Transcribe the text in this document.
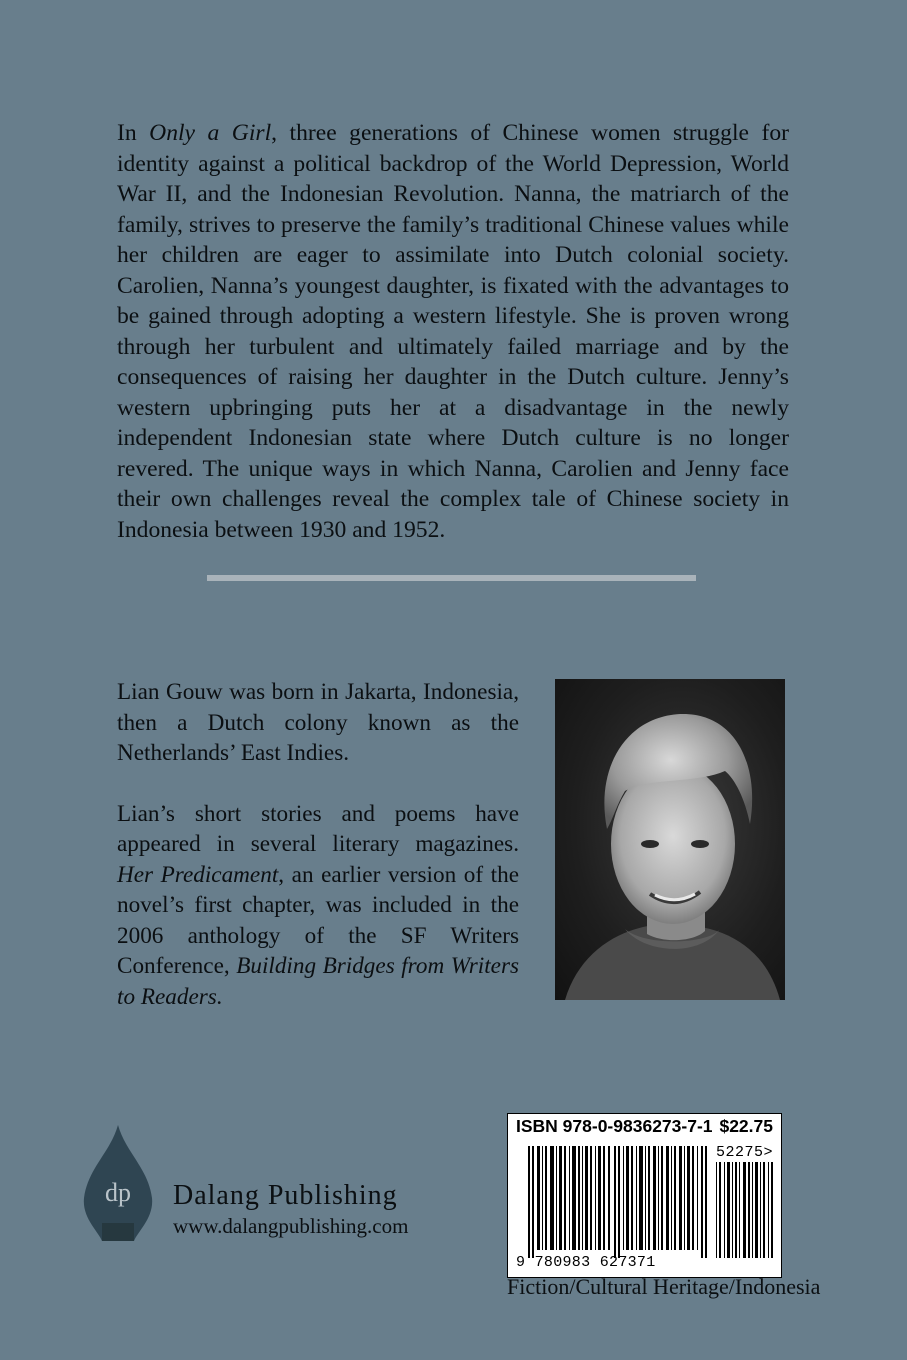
In Only a Girl, three generations of Chinese women struggle for identity against a political backdrop of the World Depression, World War II, and the Indonesian Revolution. Nanna, the matriarch of the family, strives to preserve the family’s traditional Chinese values while her children are eager to assimilate into Dutch colonial society. Carolien, Nanna’s youngest daughter, is fixated with the advantages to be gained through adopting a western lifestyle. She is proven wrong through her turbulent and ultimately failed marriage and by the consequences of raising her daughter in the Dutch culture. Jenny’s western upbringing puts her at a disadvantage in the newly independent Indonesian state where Dutch culture is no longer revered. The unique ways in which Nanna, Carolien and Jenny face their own challenges reveal the complex tale of Chinese society in Indonesia between 1930 and 1952.

Lian Gouw was born in Jakarta, Indonesia, then a Dutch colony known as the Netherlands’ East Indies.

Lian’s short stories and poems have appeared in several literary magazines. Her Predicament, an earlier version of the novel’s first chapter, was included in the 2006 anthology of the SF Writers Conference, Building Bridges from Writers to Readers.

dp Dalang Publishing
www.dalangpublishing.com
ISBN 978-0-9836273-7-1 $22.75
52275>
9 780983 627371
Fiction/Cultural Heritage/Indonesia
